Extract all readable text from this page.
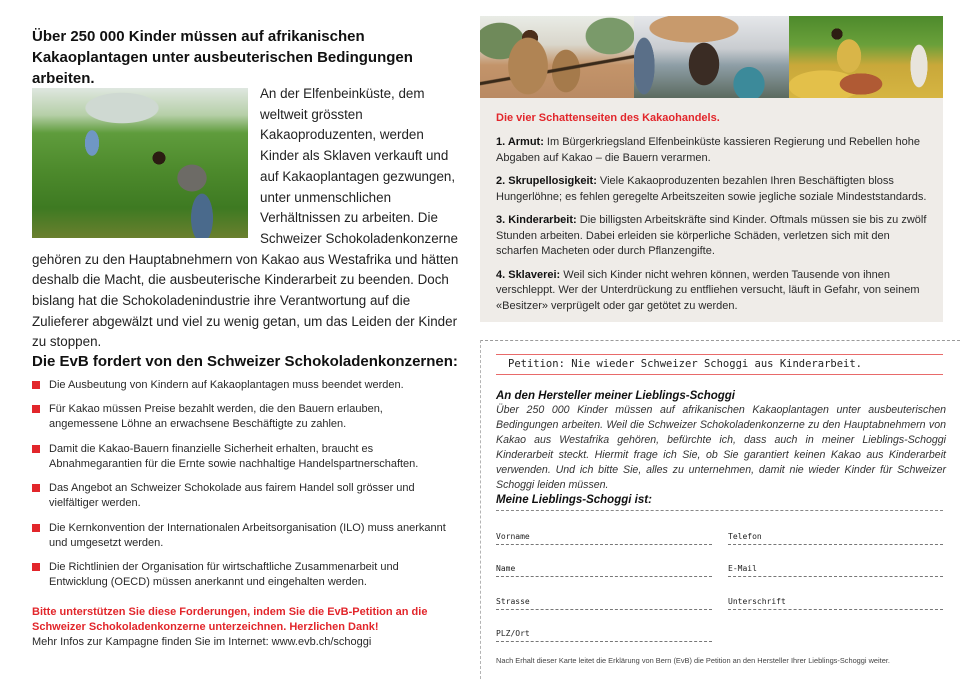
Über 250 000 Kinder müssen auf afrikanischen Kakaoplantagen unter ausbeuterischen Bedingungen arbeiten.

An der Elfenbeinküste, dem weltweit grössten Kakaoproduzenten, werden Kinder als Sklaven verkauft und auf Kakaoplantagen gezwungen, unter unmenschlichen Verhältnissen zu arbeiten. Die Schweizer Schokoladenkonzerne gehören zu den Hauptabnehmern von Kakao aus Westafrika und hätten deshalb die Macht, die ausbeuterische Kinderarbeit zu beenden. Doch bislang hat die Schokoladenindustrie ihre Verantwortung auf die Zulieferer abgewälzt und viel zu wenig getan, um das Leiden der Kinder zu stoppen.

Die EvB fordert von den Schweizer Schokoladenkonzernen:
Die Ausbeutung von Kindern auf Kakaoplantagen muss beendet werden.
Für Kakao müssen Preise bezahlt werden, die den Bauern erlauben, angemessene Löhne an erwachsene Beschäftigte zu zahlen.
Damit die Kakao-Bauern finanzielle Sicherheit erhalten, braucht es Abnahmegarantien für die Ernte sowie nachhaltige Handelspartnerschaften.
Das Angebot an Schweizer Schokolade aus fairem Handel soll grösser und vielfältiger werden.
Die Kernkonvention der Internationalen Arbeitsorganisation (ILO) muss anerkannt und umgesetzt werden.
Die Richtlinien der Organisation für wirtschaftliche Zusammenarbeit und Entwicklung (OECD) müssen anerkannt und eingehalten werden.

Bitte unterstützen Sie diese Forderungen, indem Sie die EvB-Petition an die Schweizer Schokoladenkonzerne unterzeichnen. Herzlichen Dank!

Mehr Infos zur Kampagne finden Sie im Internet: www.evb.ch/schoggi

Die vier Schattenseiten des Kakaohandels.

1. Armut: Im Bürgerkriegsland Elfenbeinküste kassieren Regierung und Rebellen hohe Abgaben auf Kakao – die Bauern verarmen.

2. Skrupellosigkeit: Viele Kakaoproduzenten bezahlen Ihren Beschäftigten bloss Hungerlöhne; es fehlen geregelte Arbeitszeiten sowie jegliche soziale Mindeststandards.

3. Kinderarbeit: Die billigsten Arbeitskräfte sind Kinder. Oftmals müssen sie bis zu zwölf Stunden arbeiten. Dabei erleiden sie körperliche Schäden, verletzen sich mit den scharfen Macheten oder durch Pflanzengifte.

4. Sklaverei: Weil sich Kinder nicht wehren können, werden Tausende von ihnen verschleppt. Wer der Unterdrückung zu entfliehen versucht, läuft in Gefahr, von seinem «Besitzer» verprügelt oder gar getötet zu werden.

Petition: Nie wieder Schweizer Schoggi aus Kinderarbeit.
An den Hersteller meiner Lieblings-Schoggi

Über 250 000 Kinder müssen auf afrikanischen Kakaoplantagen unter ausbeuterischen Bedingungen arbeiten. Weil die Schweizer Schokoladenkonzerne zu den Hauptabnehmern von Kakao aus Westafrika gehören, befürchte ich, dass auch in meiner Lieblings-Schoggi Kinderarbeit steckt. Hiermit frage ich Sie, ob Sie garantiert keinen Kakao aus Kinderarbeit verwenden. Und ich bitte Sie, alles zu unternehmen, damit nie wieder Kinder für Schweizer Schoggi leiden müssen.

Meine Lieblings-Schoggi ist:
Vorname	Telefon
Name	E-Mail
Strasse	Unterschrift
PLZ/Ort

Nach Erhalt dieser Karte leitet die Erklärung von Bern (EvB) die Petition an den Hersteller Ihrer Lieblings-Schoggi weiter.
